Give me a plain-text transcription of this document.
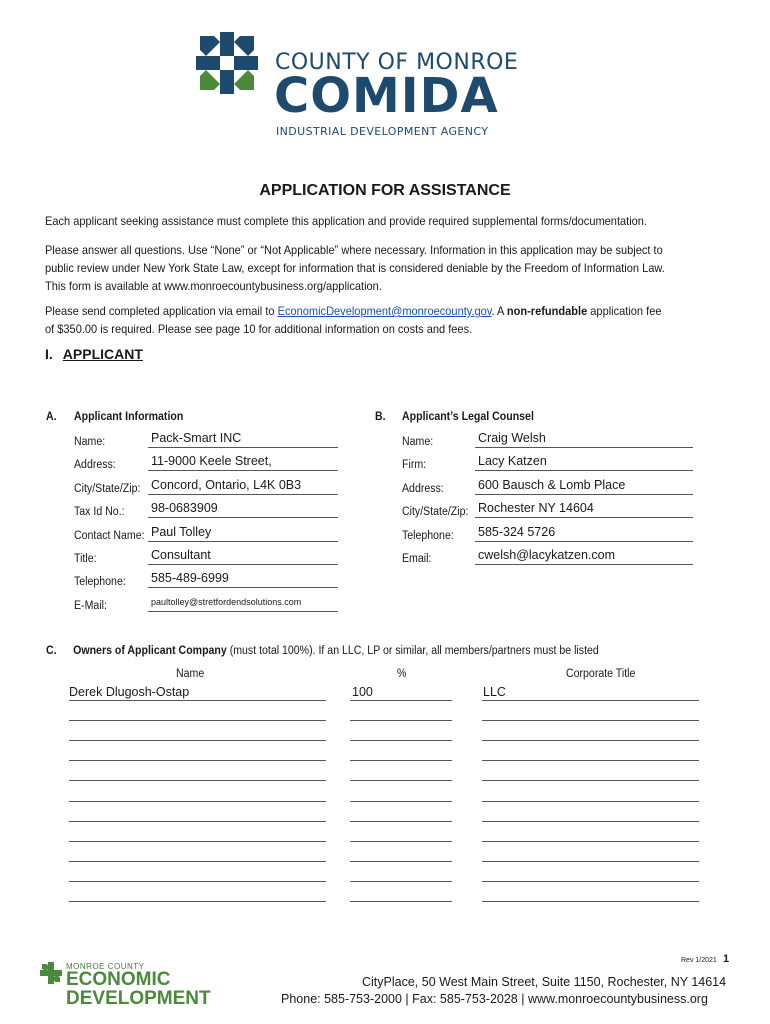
COUNTY OF MONROE
COMIDA
INDUSTRIAL DEVELOPMENT AGENCY
APPLICATION FOR ASSISTANCE
Each applicant seeking assistance must complete this application and provide required supplemental forms/documentation.
Please answer all questions. Use “None” or “Not Applicable” where necessary. Information in this application may be subject to public review under New York State Law, except for information that is considered deniable by the Freedom of Information Law. This form is available at www.monroecountybusiness.org/application.
Please send completed application via email to EconomicDevelopment@monroecounty.gov. A non-refundable application fee of $350.00 is required. Please see page 10 for additional information on costs and fees.
I. APPLICANT
A. Applicant Information
Name:	Pack-Smart INC
Address:	11-9000 Keele Street,
City/State/Zip: Concord, Ontario, L4K 0B3
Tax Id No.: 98-0683909
Contact Name: Paul Tolley
Title:	Consultant
Telephone: 585-489-6999
E-Mail:	paultolley@stretfordendsolutions.com
B. Applicant’s Legal Counsel
Name:	Craig Welsh
Firm:	Lacy Katzen
Address:	600 Bausch & Lomb Place
City/State/Zip: Rochester NY 14604
Telephone: 585-324 5726
Email:	cwelsh@lacykatzen.com
C. Owners of Applicant Company (must total 100%). If an LLC, LP or similar, all members/partners must be listed
Name	%	Corporate Title
Derek Dlugosh-Ostap	100	LLC
Rev 1/2021 1
MONROE COUNTY
ECONOMIC
DEVELOPMENT
CityPlace, 50 West Main Street, Suite 1150, Rochester, NY 14614
Phone: 585-753-2000 | Fax: 585-753-2028 | www.monroecountybusiness.org
